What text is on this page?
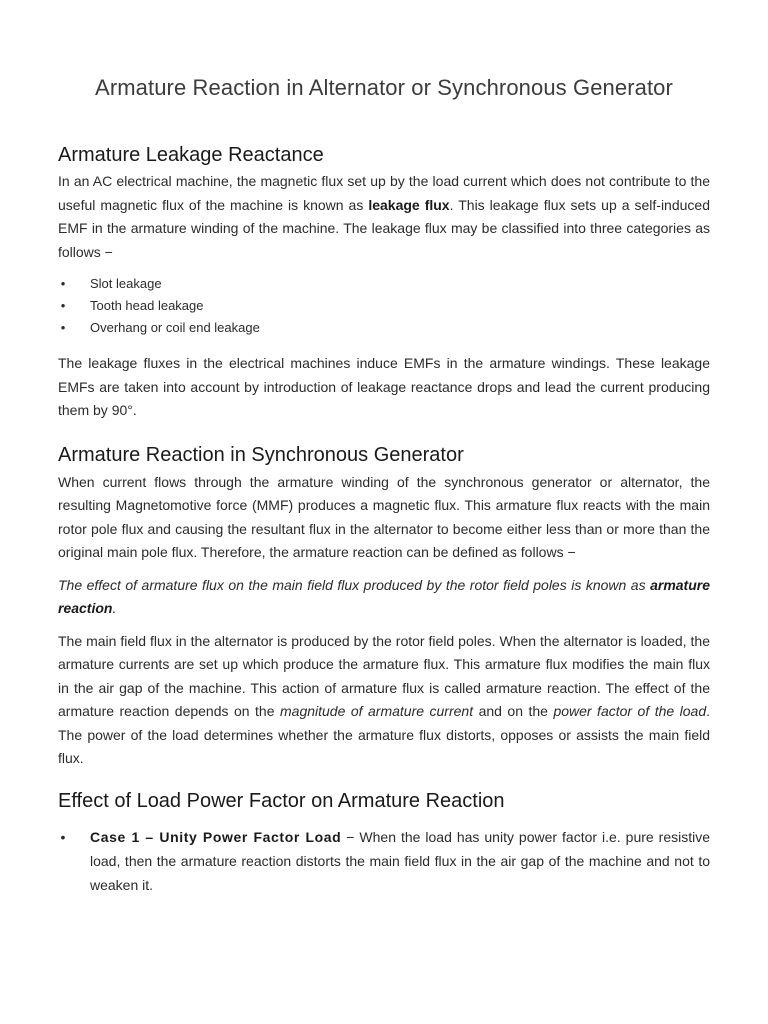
Armature Reaction in Alternator or Synchronous Generator
Armature Leakage Reactance

In an AC electrical machine, the magnetic flux set up by the load current which does not contribute to the useful magnetic flux of the machine is known as leakage flux. This leakage flux sets up a self-induced EMF in the armature winding of the machine. The leakage flux may be classified into three categories as follows −

• Slot leakage
• Tooth head leakage
• Overhang or coil end leakage

The leakage fluxes in the electrical machines induce EMFs in the armature windings. These leakage EMFs are taken into account by introduction of leakage reactance drops and lead the current producing them by 90°.

Armature Reaction in Synchronous Generator

When current flows through the armature winding of the synchronous generator or alternator, the resulting Magnetomotive force (MMF) produces a magnetic flux. This armature flux reacts with the main rotor pole flux and causing the resultant flux in the alternator to become either less than or more than the original main pole flux. Therefore, the armature reaction can be defined as follows −

The effect of armature flux on the main field flux produced by the rotor field poles is known as armature reaction.

The main field flux in the alternator is produced by the rotor field poles. When the alternator is loaded, the armature currents are set up which produce the armature flux. This armature flux modifies the main flux in the air gap of the machine. This action of armature flux is called armature reaction. The effect of the armature reaction depends on the magnitude of armature current and on the power factor of the load. The power of the load determines whether the armature flux distorts, opposes or assists the main field flux.

Effect of Load Power Factor on Armature Reaction
• Case 1 – Unity Power Factor Load − When the load has unity power factor i.e. pure resistive load, then the armature reaction distorts the main field flux in the air gap of the machine and not to weaken it.
